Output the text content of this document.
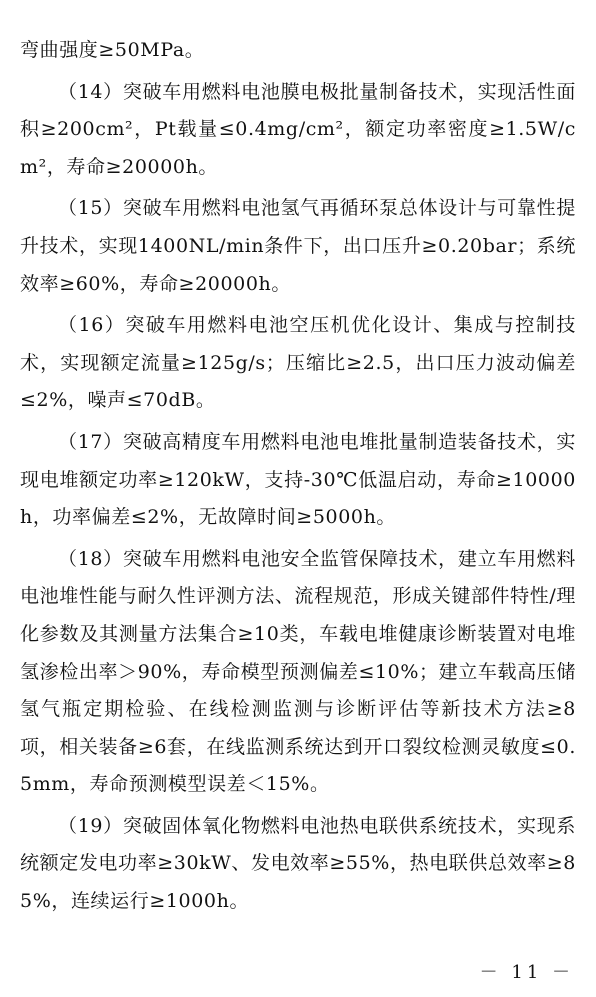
弯曲强度≥50MPa。

（14）突破车用燃料电池膜电极批量制备技术，实现活性面积≥200cm²，Pt载量≤0.4mg/cm²，额定功率密度≥1.5W/cm²，寿命≥20000h。

（15）突破车用燃料电池氢气再循环泵总体设计与可靠性提升技术，实现1400NL/min条件下，出口压升≥0.20bar；系统效率≥60%，寿命≥20000h。

（16）突破车用燃料电池空压机优化设计、集成与控制技术，实现额定流量≥125g/s；压缩比≥2.5，出口压力波动偏差≤2%，噪声≤70dB。

（17）突破高精度车用燃料电池电堆批量制造装备技术，实现电堆额定功率≥120kW，支持-30℃低温启动，寿命≥10000h，功率偏差≤2%，无故障时间≥5000h。

（18）突破车用燃料电池安全监管保障技术，建立车用燃料电池堆性能与耐久性评测方法、流程规范，形成关键部件特性/理化参数及其测量方法集合≥10类，车载电堆健康诊断装置对电堆氢渗检出率＞90%，寿命模型预测偏差≤10%；建立车载高压储氢气瓶定期检验、在线检测监测与诊断评估等新技术方法≥8项，相关装备≥6套，在线监测系统达到开口裂纹检测灵敏度≤0.5mm，寿命预测模型误差＜15%。

（19）突破固体氧化物燃料电池热电联供系统技术，实现系统额定发电功率≥30kW、发电效率≥55%，热电联供总效率≥85%，连续运行≥1000h。

－ 11 －
